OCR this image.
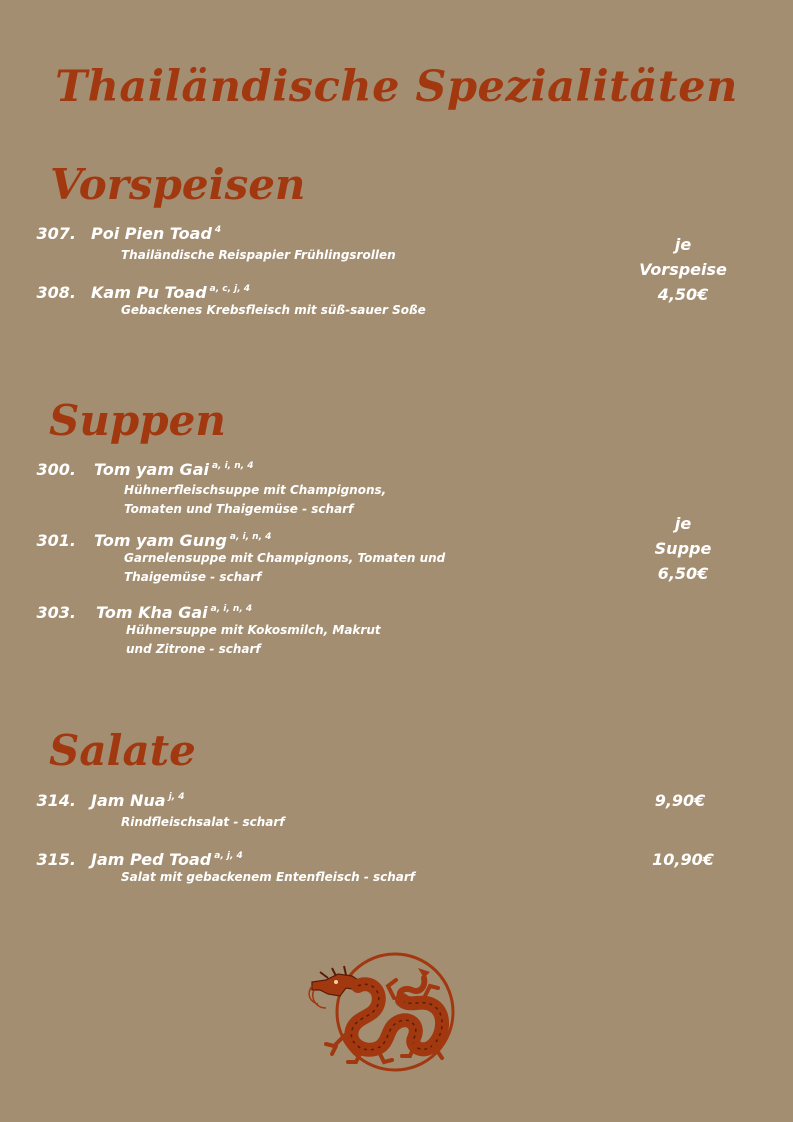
Thailändische Spezialitäten
Vorspeisen
307. Poi Pien Toad $^4$
Thailändische Reispapier Frühlingsrollen
308. Kam Pu Toad $^{a, c, j, 4}$
Gebackenes Krebsfleisch mit süß-sauer Soße
je
Vorspeise
4,50€
Suppen
300. Tom yam Gai $^{a, i, n, 4}$
Hühnerfleischsuppe mit Champignons,
Tomaten und Thaigemüse - scharf
301. Tom yam Gung $^{a, i, n, 4}$
Garnelensuppe mit Champignons, Tomaten und
Thaigemüse - scharf
303. Tom Kha Gai $^{a, i, n, 4}$
Hühnersuppe mit Kokosmilch, Makrut
und Zitrone - scharf
je
Suppe
6,50€
Salate
314. Jam Nua $^{j, 4}$
Rindfleischsalat - scharf
9,90€
315. Jam Ped Toad $^{a, j, 4}$
Salat mit gebackenem Entenfleisch - scharf
10,90€
